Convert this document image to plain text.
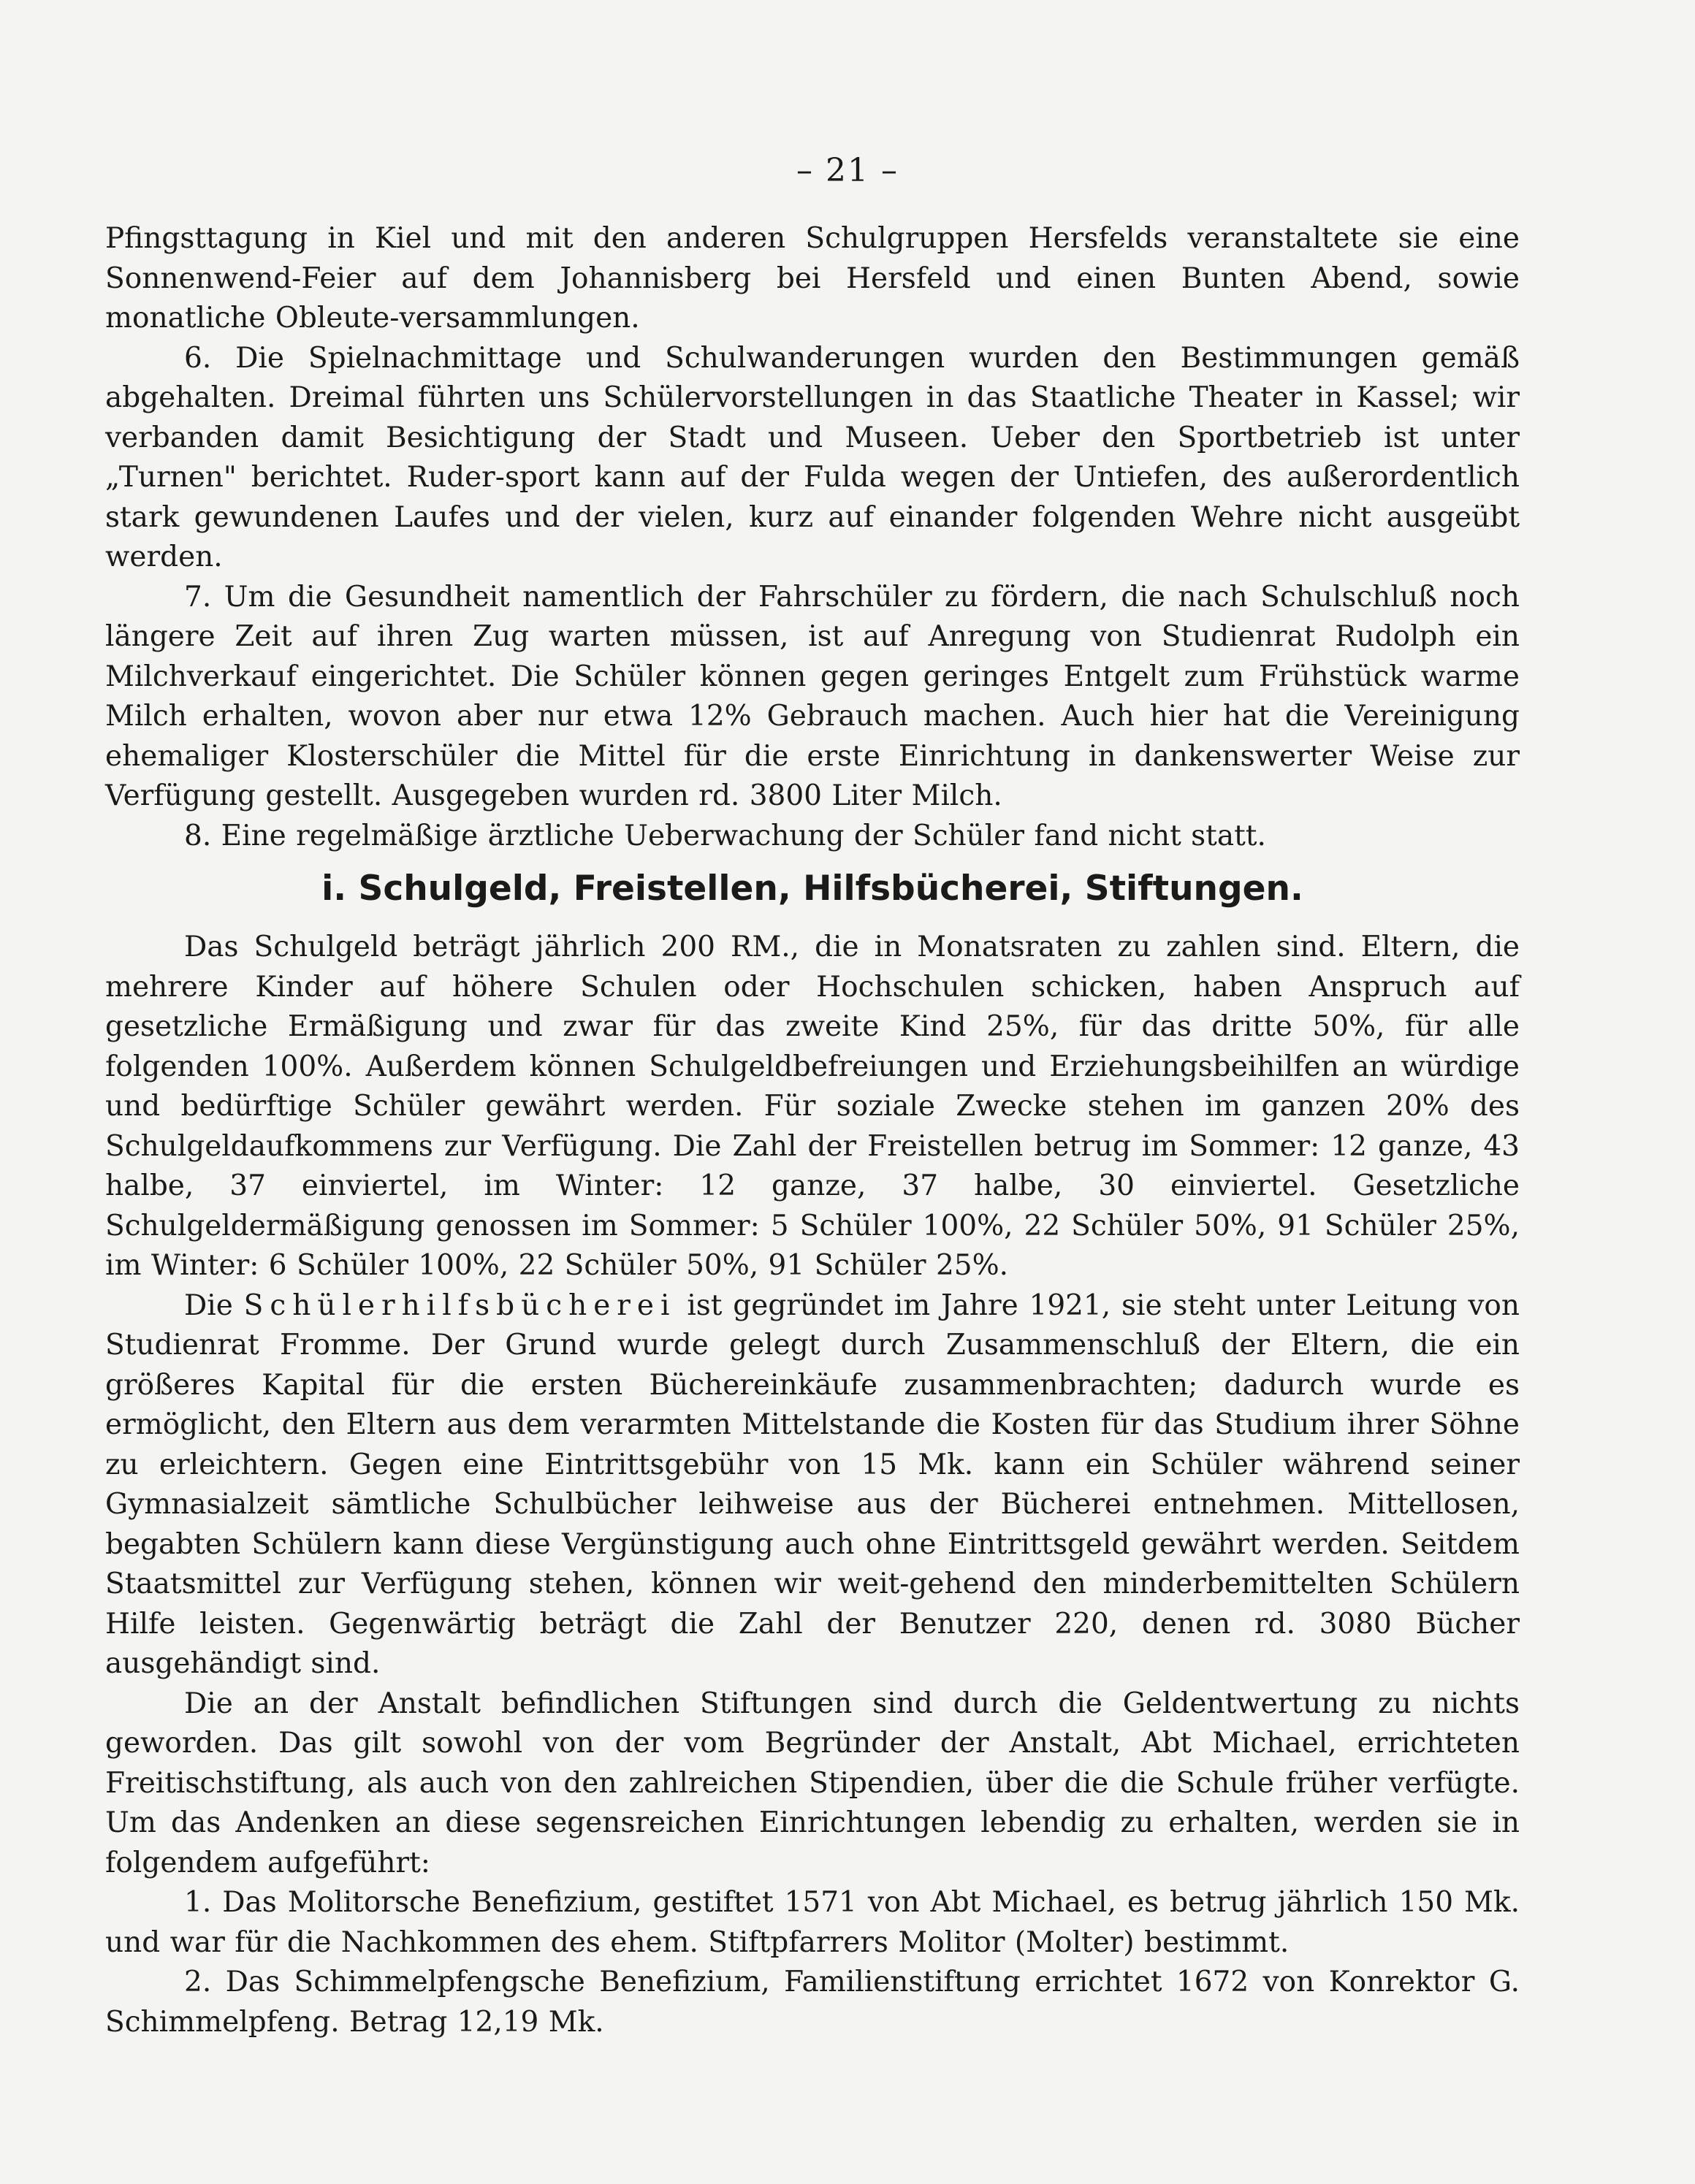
– 21 –

Pfingsttagung in Kiel und mit den anderen Schulgruppen Hersfelds veranstaltete sie eine Sonnenwend-Feier auf dem Johannisberg bei Hersfeld und einen Bunten Abend, sowie monatliche Obleute-versammlungen.

6. Die Spielnachmittage und Schulwanderungen wurden den Bestimmungen gemäß abgehalten. Dreimal führten uns Schülervorstellungen in das Staatliche Theater in Kassel; wir verbanden damit Besichtigung der Stadt und Museen. Ueber den Sportbetrieb ist unter „Turnen" berichtet. Ruder-sport kann auf der Fulda wegen der Untiefen, des außerordentlich stark gewundenen Laufes und der vielen, kurz auf einander folgenden Wehre nicht ausgeübt werden.

7. Um die Gesundheit namentlich der Fahrschüler zu fördern, die nach Schulschluß noch längere Zeit auf ihren Zug warten müssen, ist auf Anregung von Studienrat Rudolph ein Milchverkauf eingerichtet. Die Schüler können gegen geringes Entgelt zum Frühstück warme Milch erhalten, wovon aber nur etwa 12% Gebrauch machen. Auch hier hat die Vereinigung ehemaliger Klosterschüler die Mittel für die erste Einrichtung in dankenswerter Weise zur Verfügung gestellt. Ausgegeben wurden rd. 3800 Liter Milch.

8. Eine regelmäßige ärztliche Ueberwachung der Schüler fand nicht statt.

i. Schulgeld, Freistellen, Hilfsbücherei, Stiftungen.

Das Schulgeld beträgt jährlich 200 RM., die in Monatsraten zu zahlen sind. Eltern, die mehrere Kinder auf höhere Schulen oder Hochschulen schicken, haben Anspruch auf gesetzliche Ermäßigung und zwar für das zweite Kind 25%, für das dritte 50%, für alle folgenden 100%. Außerdem können Schulgeldbefreiungen und Erziehungsbeihilfen an würdige und bedürftige Schüler gewährt werden. Für soziale Zwecke stehen im ganzen 20% des Schulgeldaufkommens zur Verfügung. Die Zahl der Freistellen betrug im Sommer: 12 ganze, 43 halbe, 37 einviertel, im Winter: 12 ganze, 37 halbe, 30 einviertel. Gesetzliche Schulgeldermäßigung genossen im Sommer: 5 Schüler 100%, 22 Schüler 50%, 91 Schüler 25%, im Winter: 6 Schüler 100%, 22 Schüler 50%, 91 Schüler 25%.

Die Schülerhilfsbücherei ist gegründet im Jahre 1921, sie steht unter Leitung von Studienrat Fromme. Der Grund wurde gelegt durch Zusammenschluß der Eltern, die ein größeres Kapital für die ersten Büchereinkäufe zusammenbrachten; dadurch wurde es ermöglicht, den Eltern aus dem verarmten Mittelstande die Kosten für das Studium ihrer Söhne zu erleichtern. Gegen eine Eintrittsgebühr von 15 Mk. kann ein Schüler während seiner Gymnasialzeit sämtliche Schulbücher leihweise aus der Bücherei entnehmen. Mittellosen, begabten Schülern kann diese Vergünstigung auch ohne Eintrittsgeld gewährt werden. Seitdem Staatsmittel zur Verfügung stehen, können wir weit-gehend den minderbemittelten Schülern Hilfe leisten. Gegenwärtig beträgt die Zahl der Benutzer 220, denen rd. 3080 Bücher ausgehändigt sind.

Die an der Anstalt befindlichen Stiftungen sind durch die Geldentwertung zu nichts geworden. Das gilt sowohl von der vom Begründer der Anstalt, Abt Michael, errichteten Freitischstiftung, als auch von den zahlreichen Stipendien, über die die Schule früher verfügte. Um das Andenken an diese segensreichen Einrichtungen lebendig zu erhalten, werden sie in folgendem aufgeführt:

1. Das Molitorsche Benefizium, gestiftet 1571 von Abt Michael, es betrug jährlich 150 Mk. und war für die Nachkommen des ehem. Stiftpfarrers Molitor (Molter) bestimmt.

2. Das Schimmelpfengsche Benefizium, Familienstiftung errichtet 1672 von Konrektor G. Schimmelpfeng. Betrag 12,19 Mk.
